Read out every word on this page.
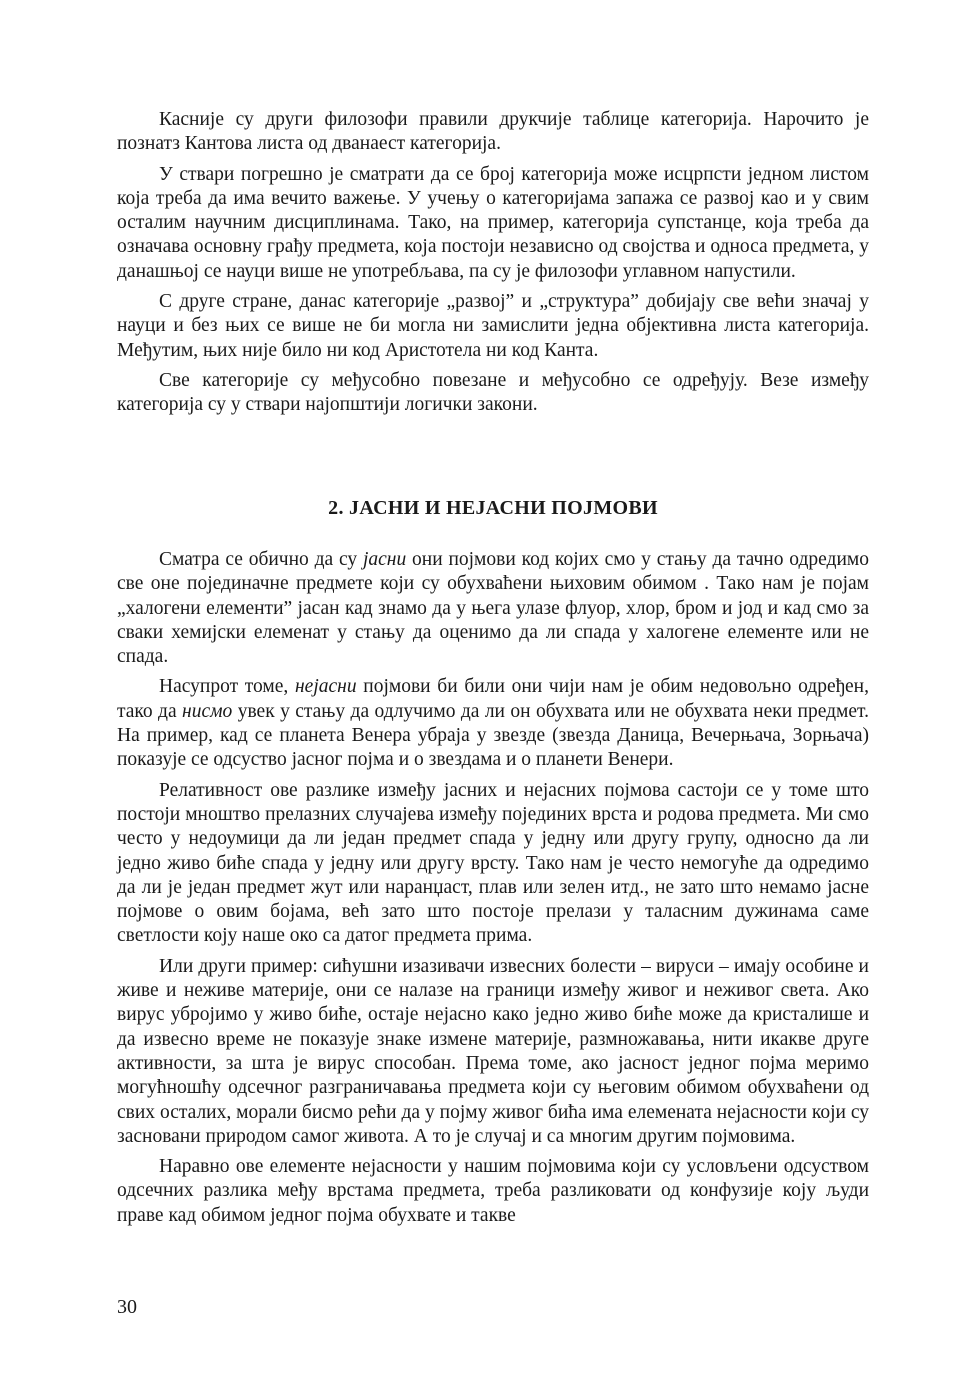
Касније су други филозофи правили друкчије таблице категорија. Нарочито је познатз Кантова листа од дванаест категорија.

У ствари погрешно је сматрати да се број категорија може исцрпсти једном листом која треба да има вечито важење. У учењу о категоријама запажа се развој као и у свим осталим научним дисциплинама. Тако, на пример, категорија супстанце, која треба да означава основну грађу предмета, која постоји независно од својства и односа предмета, у данашњој се науци више не употребљава, па су је филозофи углавном напустили.

С друге стране, данас категорије „развој” и „структура” добијају све већи значај у науци и без њих се више не би могла ни замислити једна објективна листа категорија. Међутим, њих није било ни код Аристотела ни код Канта.

Све категорије су међусобно повезане и међусобно се одређују. Везе између категорија су у ствари најопштији логички закони.

2. ЈАСНИ И НЕЈАСНИ ПОЈМОВИ

Сматра се обично да су јасни они појмови код којих смо у стању да тачно одредимо све оне појединачне предмете који су обухваћени њиховим обимом . Тако нам је појам „халогени елементи” јасан кад знамо да у њега улазе флуор, хлор, бром и јод и кад смо за сваки хемијски елеменат у стању да оценимо да ли спада у халогене елементе или не спада.

Насупрот томе, нејасни појмови би били они чији нам је обим недовољно одређен, тако да нисмо увек у стању да одлучимо да ли он обухвата или не обухвата неки предмет. На пример, кад се планета Венера убраја у звезде (звезда Даница, Вечерњача, Зорњача) показује се одсуство јасног појма и о звездама и о планети Венери.

Релативност ове разлике између јасних и нејасних појмова састоји се у томе што постоји мноштво прелазних случајева између појединих врста и родова предмета. Ми смо често у недоумици да ли један предмет спада у једну или другу групу, односно да ли једно живо биће спада у једну или другу врсту. Тако нам је често немогуће да одредимо да ли је један предмет жут или наранџаст, плав или зелен итд., не зато што немамо јасне појмове о овим бојама, већ зато што постоје прелази у таласним дужинама саме светлости коју наше око са датог предмета прима.

Или други пример: сићушни изазивачи извесних болести – вируси – имају особине и живе и неживе материје, они се налазе на граници између живог и неживог света. Ако вирус убројимо у живо биће, остаје нејасно како једно живо биће може да кристалише и да извесно време не показује знаке измене материје, размножавања, нити икакве друге активности, за шта је вирус способан. Према томе, ако јасност једног појма меримо могућношћу одсечног разграничавања предмета који су његовим обимом обухваћени од свих осталих, морали бисмо рећи да у појму живог бића има елемената нејасности који су засновани природом самог живота. А то је случај и са многим другим појмовима.

Наравно ове елементе нејасности у нашим појмовима који су условљени одсуством одсечних разлика међу врстама предмета, треба разликовати од конфузије коју људи праве кад обимом једног појма обухвате и такве

30
